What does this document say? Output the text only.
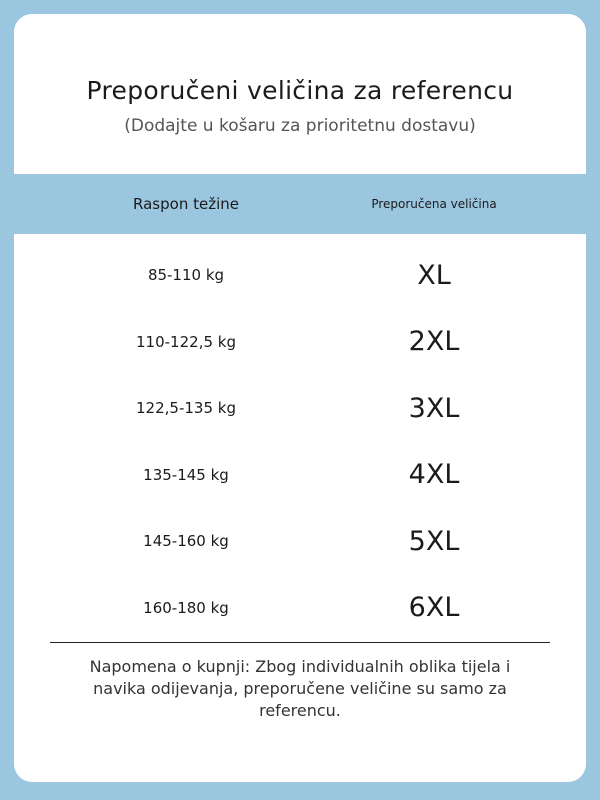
Preporučeni veličina za referencu
(Dodajte u košaru za prioritetnu dostavu)
Raspon težine	Preporučena veličina
85-110 kg	XL
110-122,5 kg	2XL
122,5-135 kg	3XL
135-145 kg	4XL
145-160 kg	5XL
160-180 kg	6XL
Napomena o kupnji: Zbog individualnih oblika tijela i navika odijevanja, preporučene veličine su samo za referencu.
